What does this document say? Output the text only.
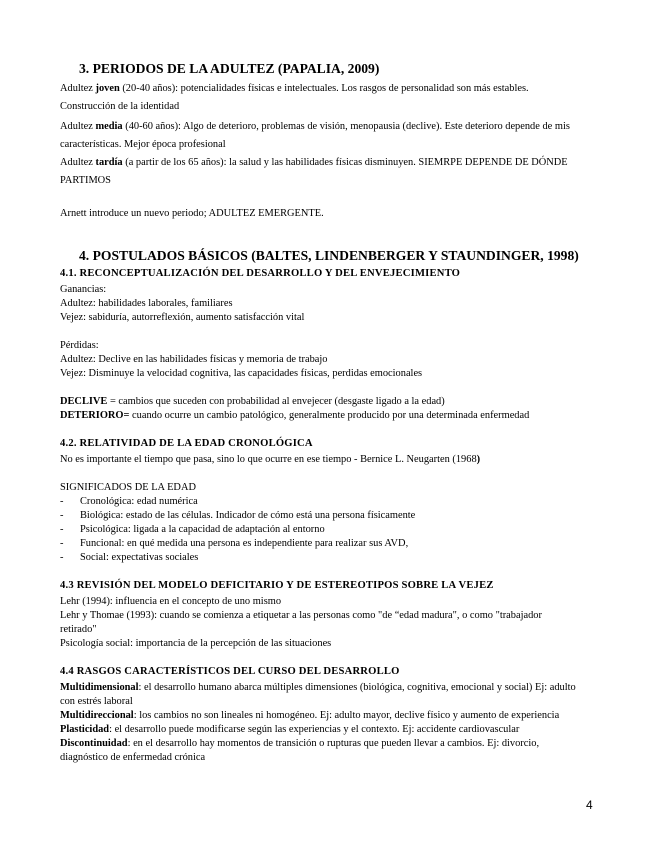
3. PERIODOS DE LA ADULTEZ (PAPALIA, 2009)
Adultez joven (20-40 años): potencialidades físicas e intelectuales. Los rasgos de personalidad son más estables.
Construcción de la identidad
Adultez media (40-60 años): Algo de deterioro, problemas de visión, menopausia (declive). Este deterioro depende de mis
características. Mejor época profesional
Adultez tardía (a partir de los 65 años): la salud y las habilidades físicas disminuyen. SIEMRPE DEPENDE DE DÓNDE
PARTIMOS
Arnett introduce un nuevo periodo; ADULTEZ EMERGENTE.
4. POSTULADOS BÁSICOS (BALTES, LINDENBERGER Y STAUNDINGER, 1998)
4.1. RECONCEPTUALIZACIÓN DEL DESARROLLO Y DEL ENVEJECIMIENTO
Ganancias:
Adultez: habilidades laborales, familiares
Vejez: sabiduría, autorreflexión, aumento satisfacción vital
Pérdidas:
Adultez: Declive en las habilidades físicas y memoria de trabajo
Vejez: Disminuye la velocidad cognitiva, las capacidades físicas, perdidas emocionales
DECLIVE = cambios que suceden con probabilidad al envejecer (desgaste ligado a la edad)
DETERIORO= cuando ocurre un cambio patológico, generalmente producido por una determinada enfermedad
4.2. RELATIVIDAD DE LA EDAD CRONOLÓGICA
No es importante el tiempo que pasa, sino lo que ocurre en ese tiempo - Bernice L. Neugarten (1968)
SIGNIFICADOS DE LA EDAD
- Cronológica: edad numérica
- Biológica: estado de las células. Indicador de cómo está una persona físicamente
- Psicológica: ligada a la capacidad de adaptación al entorno
- Funcional: en qué medida una persona es independiente para realizar sus AVD,
- Social: expectativas sociales
4.3 REVISIÓN DEL MODELO DEFICITARIO Y DE ESTEREOTIPOS SOBRE LA VEJEZ
Lehr (1994): influencia en el concepto de uno mismo
Lehr y Thomae (1993): cuando se comienza a etiquetar a las personas como "de “edad madura", o como "trabajador
retirado"
Psicología social: importancia de la percepción de las situaciones
4.4 RASGOS CARACTERÍSTICOS DEL CURSO DEL DESARROLLO
Multidimensional: el desarrollo humano abarca múltiples dimensiones (biológica, cognitiva, emocional y social) Ej: adulto
con estrés laboral
Multidireccional: los cambios no son lineales ni homogéneo. Ej: adulto mayor, declive físico y aumento de experiencia
Plasticidad: el desarrollo puede modificarse según las experiencias y el contexto. Ej: accidente cardiovascular
Discontinuidad: en el desarrollo hay momentos de transición o rupturas que pueden llevar a cambios. Ej: divorcio,
diagnóstico de enfermedad crónica
4
